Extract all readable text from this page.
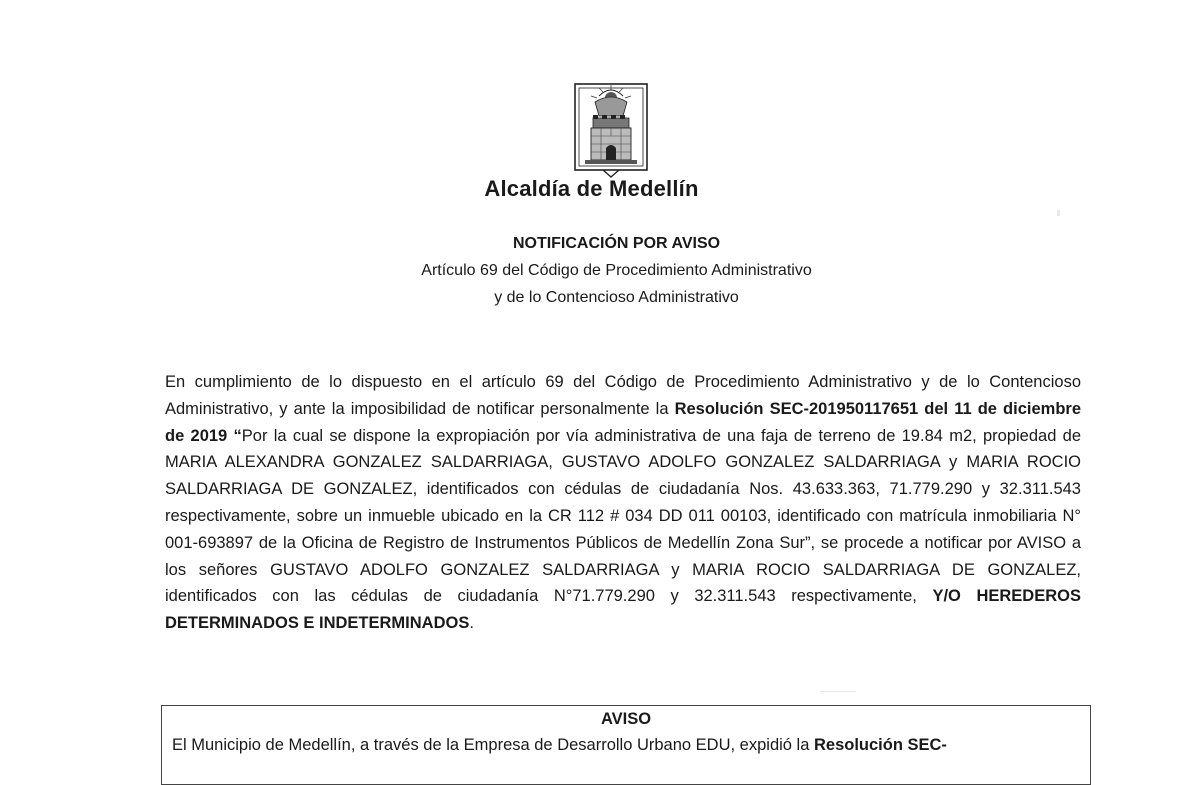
Alcaldía de Medellín
NOTIFICACIÓN POR AVISO
Artículo 69 del Código de Procedimiento Administrativo
y de lo Contencioso Administrativo
En cumplimiento de lo dispuesto en el artículo 69 del Código de Procedimiento Administrativo y de lo Contencioso Administrativo, y ante la imposibilidad de notificar personalmente la Resolución SEC-201950117651 del 11 de diciembre de 2019 “Por la cual se dispone la expropiación por vía administrativa de una faja de terreno de 19.84 m2, propiedad de MARIA ALEXANDRA GONZALEZ SALDARRIAGA, GUSTAVO ADOLFO GONZALEZ SALDARRIAGA y MARIA ROCIO SALDARRIAGA DE GONZALEZ, identificados con cédulas de ciudadanía Nos. 43.633.363, 71.779.290 y 32.311.543 respectivamente, sobre un inmueble ubicado en la CR 112 # 034 DD 011 00103, identificado con matrícula inmobiliaria N° 001-693897 de la Oficina de Registro de Instrumentos Públicos de Medellín Zona Sur”, se procede a notificar por AVISO a los señores GUSTAVO ADOLFO GONZALEZ SALDARRIAGA y MARIA ROCIO SALDARRIAGA DE GONZALEZ, identificados con las cédulas de ciudadanía N°71.779.290 y 32.311.543 respectivamente, Y/O HEREDEROS DETERMINADOS E INDETERMINADOS.
AVISO
El Municipio de Medellín, a través de la Empresa de Desarrollo Urbano EDU, expidió la Resolución SEC-
